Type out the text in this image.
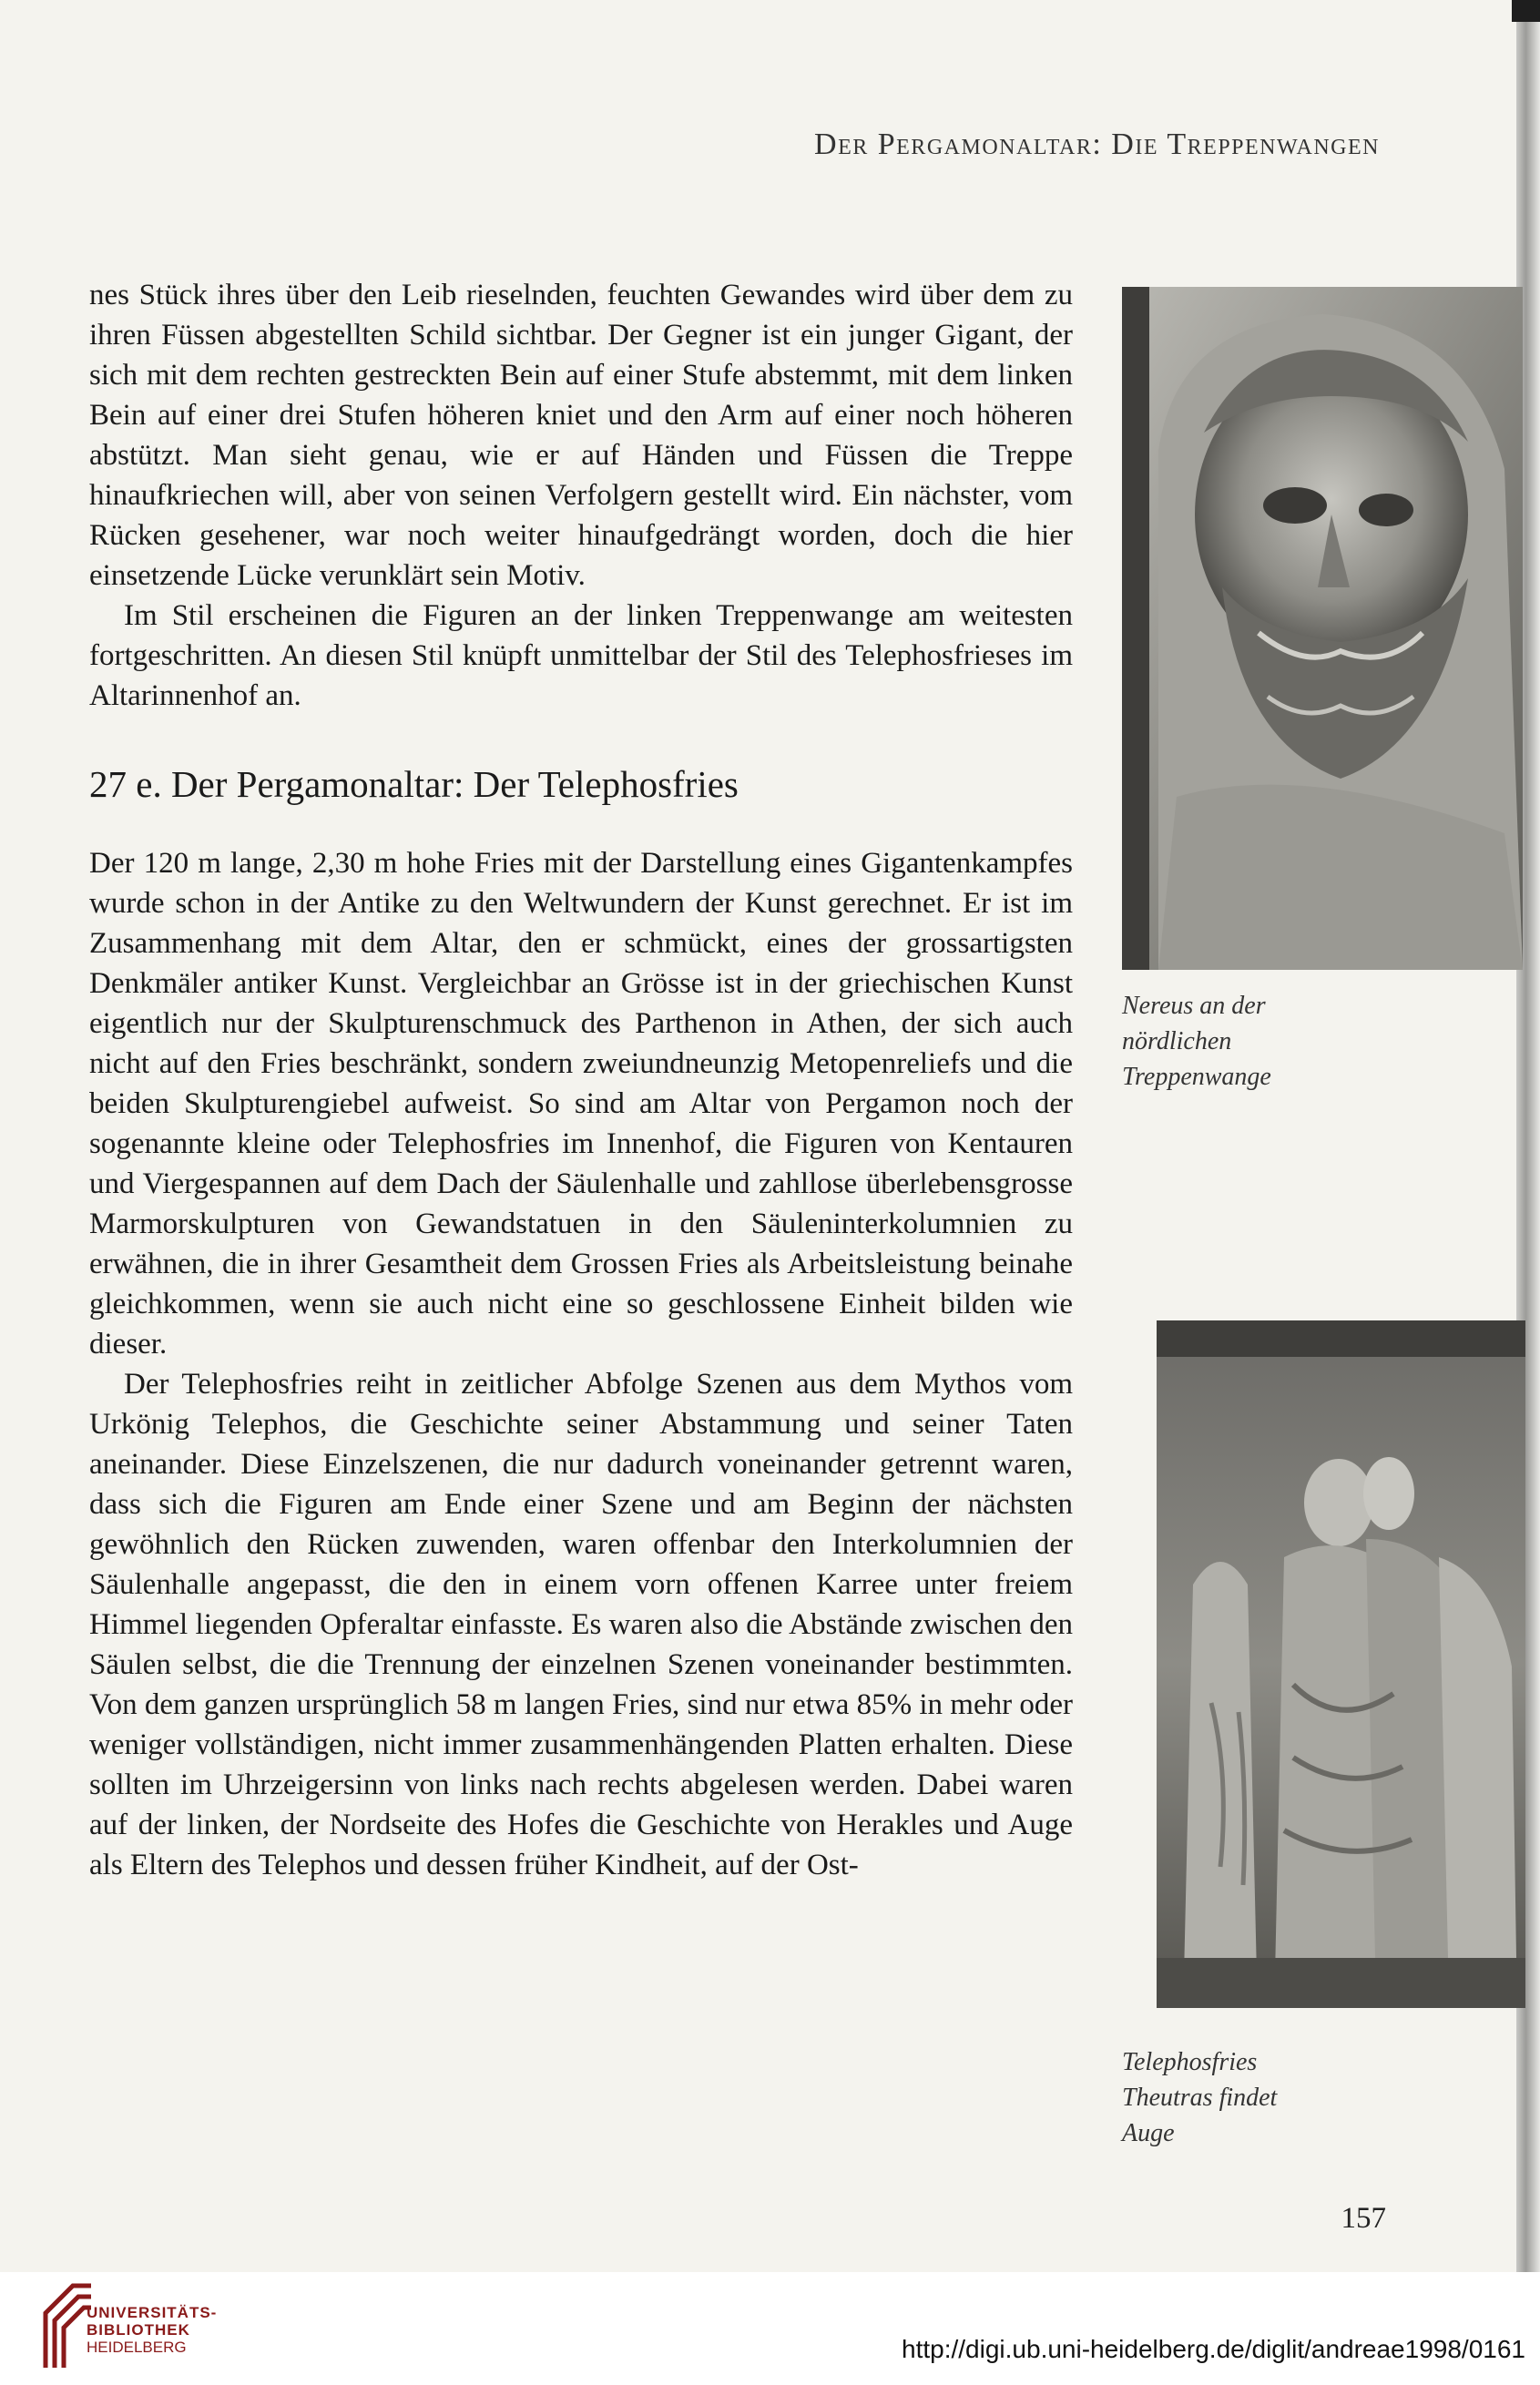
Der Pergamonaltar: Die Treppenwangen

nes Stück ihres über den Leib rieselnden, feuchten Gewandes wird über dem zu ihren Füssen abgestellten Schild sichtbar. Der Gegner ist ein junger Gigant, der sich mit dem rechten gestreckten Bein auf einer Stufe abstemmt, mit dem linken Bein auf einer drei Stufen höheren kniet und den Arm auf einer noch höheren abstützt. Man sieht genau, wie er auf Händen und Füssen die Treppe hinaufkriechen will, aber von seinen Verfolgern gestellt wird. Ein nächster, vom Rücken gesehener, war noch weiter hinaufgedrängt worden, doch die hier einsetzende Lücke verunklärt sein Motiv.

Im Stil erscheinen die Figuren an der linken Treppenwange am weitesten fortgeschritten. An diesen Stil knüpft unmittelbar der Stil des Telephosfrieses im Altarinnenhof an.

27 e. Der Pergamonaltar: Der Telephosfries

Der 120 m lange, 2,30 m hohe Fries mit der Darstellung eines Gigantenkampfes wurde schon in der Antike zu den Weltwundern der Kunst gerechnet. Er ist im Zusammenhang mit dem Altar, den er schmückt, eines der grossartigsten Denkmäler antiker Kunst. Vergleichbar an Grösse ist in der griechischen Kunst eigentlich nur der Skulpturenschmuck des Parthenon in Athen, der sich auch nicht auf den Fries beschränkt, sondern zweiundneunzig Metopenreliefs und die beiden Skulpturengiebel aufweist. So sind am Altar von Pergamon noch der sogenannte kleine oder Telephosfries im Innenhof, die Figuren von Kentauren und Viergespannen auf dem Dach der Säulenhalle und zahllose überlebensgrosse Marmorskulpturen von Gewandstatuen in den Säuleninterkolumnien zu erwähnen, die in ihrer Gesamtheit dem Grossen Fries als Arbeitsleistung beinahe gleichkommen, wenn sie auch nicht eine so geschlossene Einheit bilden wie dieser.

Der Telephosfries reiht in zeitlicher Abfolge Szenen aus dem Mythos vom Urkönig Telephos, die Geschichte seiner Abstammung und seiner Taten aneinander. Diese Einzelszenen, die nur dadurch voneinander getrennt waren, dass sich die Figuren am Ende einer Szene und am Beginn der nächsten gewöhnlich den Rücken zuwenden, waren offenbar den Interkolumnien der Säulenhalle angepasst, die den in einem vorn offenen Karree unter freiem Himmel liegenden Opferaltar einfasste. Es waren also die Abstände zwischen den Säulen selbst, die die Trennung der einzelnen Szenen voneinander bestimmten. Von dem ganzen ursprünglich 58 m langen Fries, sind nur etwa 85% in mehr oder weniger vollständigen, nicht immer zusammenhängenden Platten erhalten. Diese sollten im Uhrzeigersinn von links nach rechts abgelesen werden. Dabei waren auf der linken, der Nordseite des Hofes die Geschichte von Herakles und Auge als Eltern des Telephos und dessen früher Kindheit, auf der Ost-

Nereus an der
nördlichen
Treppenwange
Telephosfries
Theutras findet
Auge
157
UNIVERSITÄTS-
BIBLIOTHEK
HEIDELBERG	http://digi.ub.uni-heidelberg.de/diglit/andreae1998/0161
